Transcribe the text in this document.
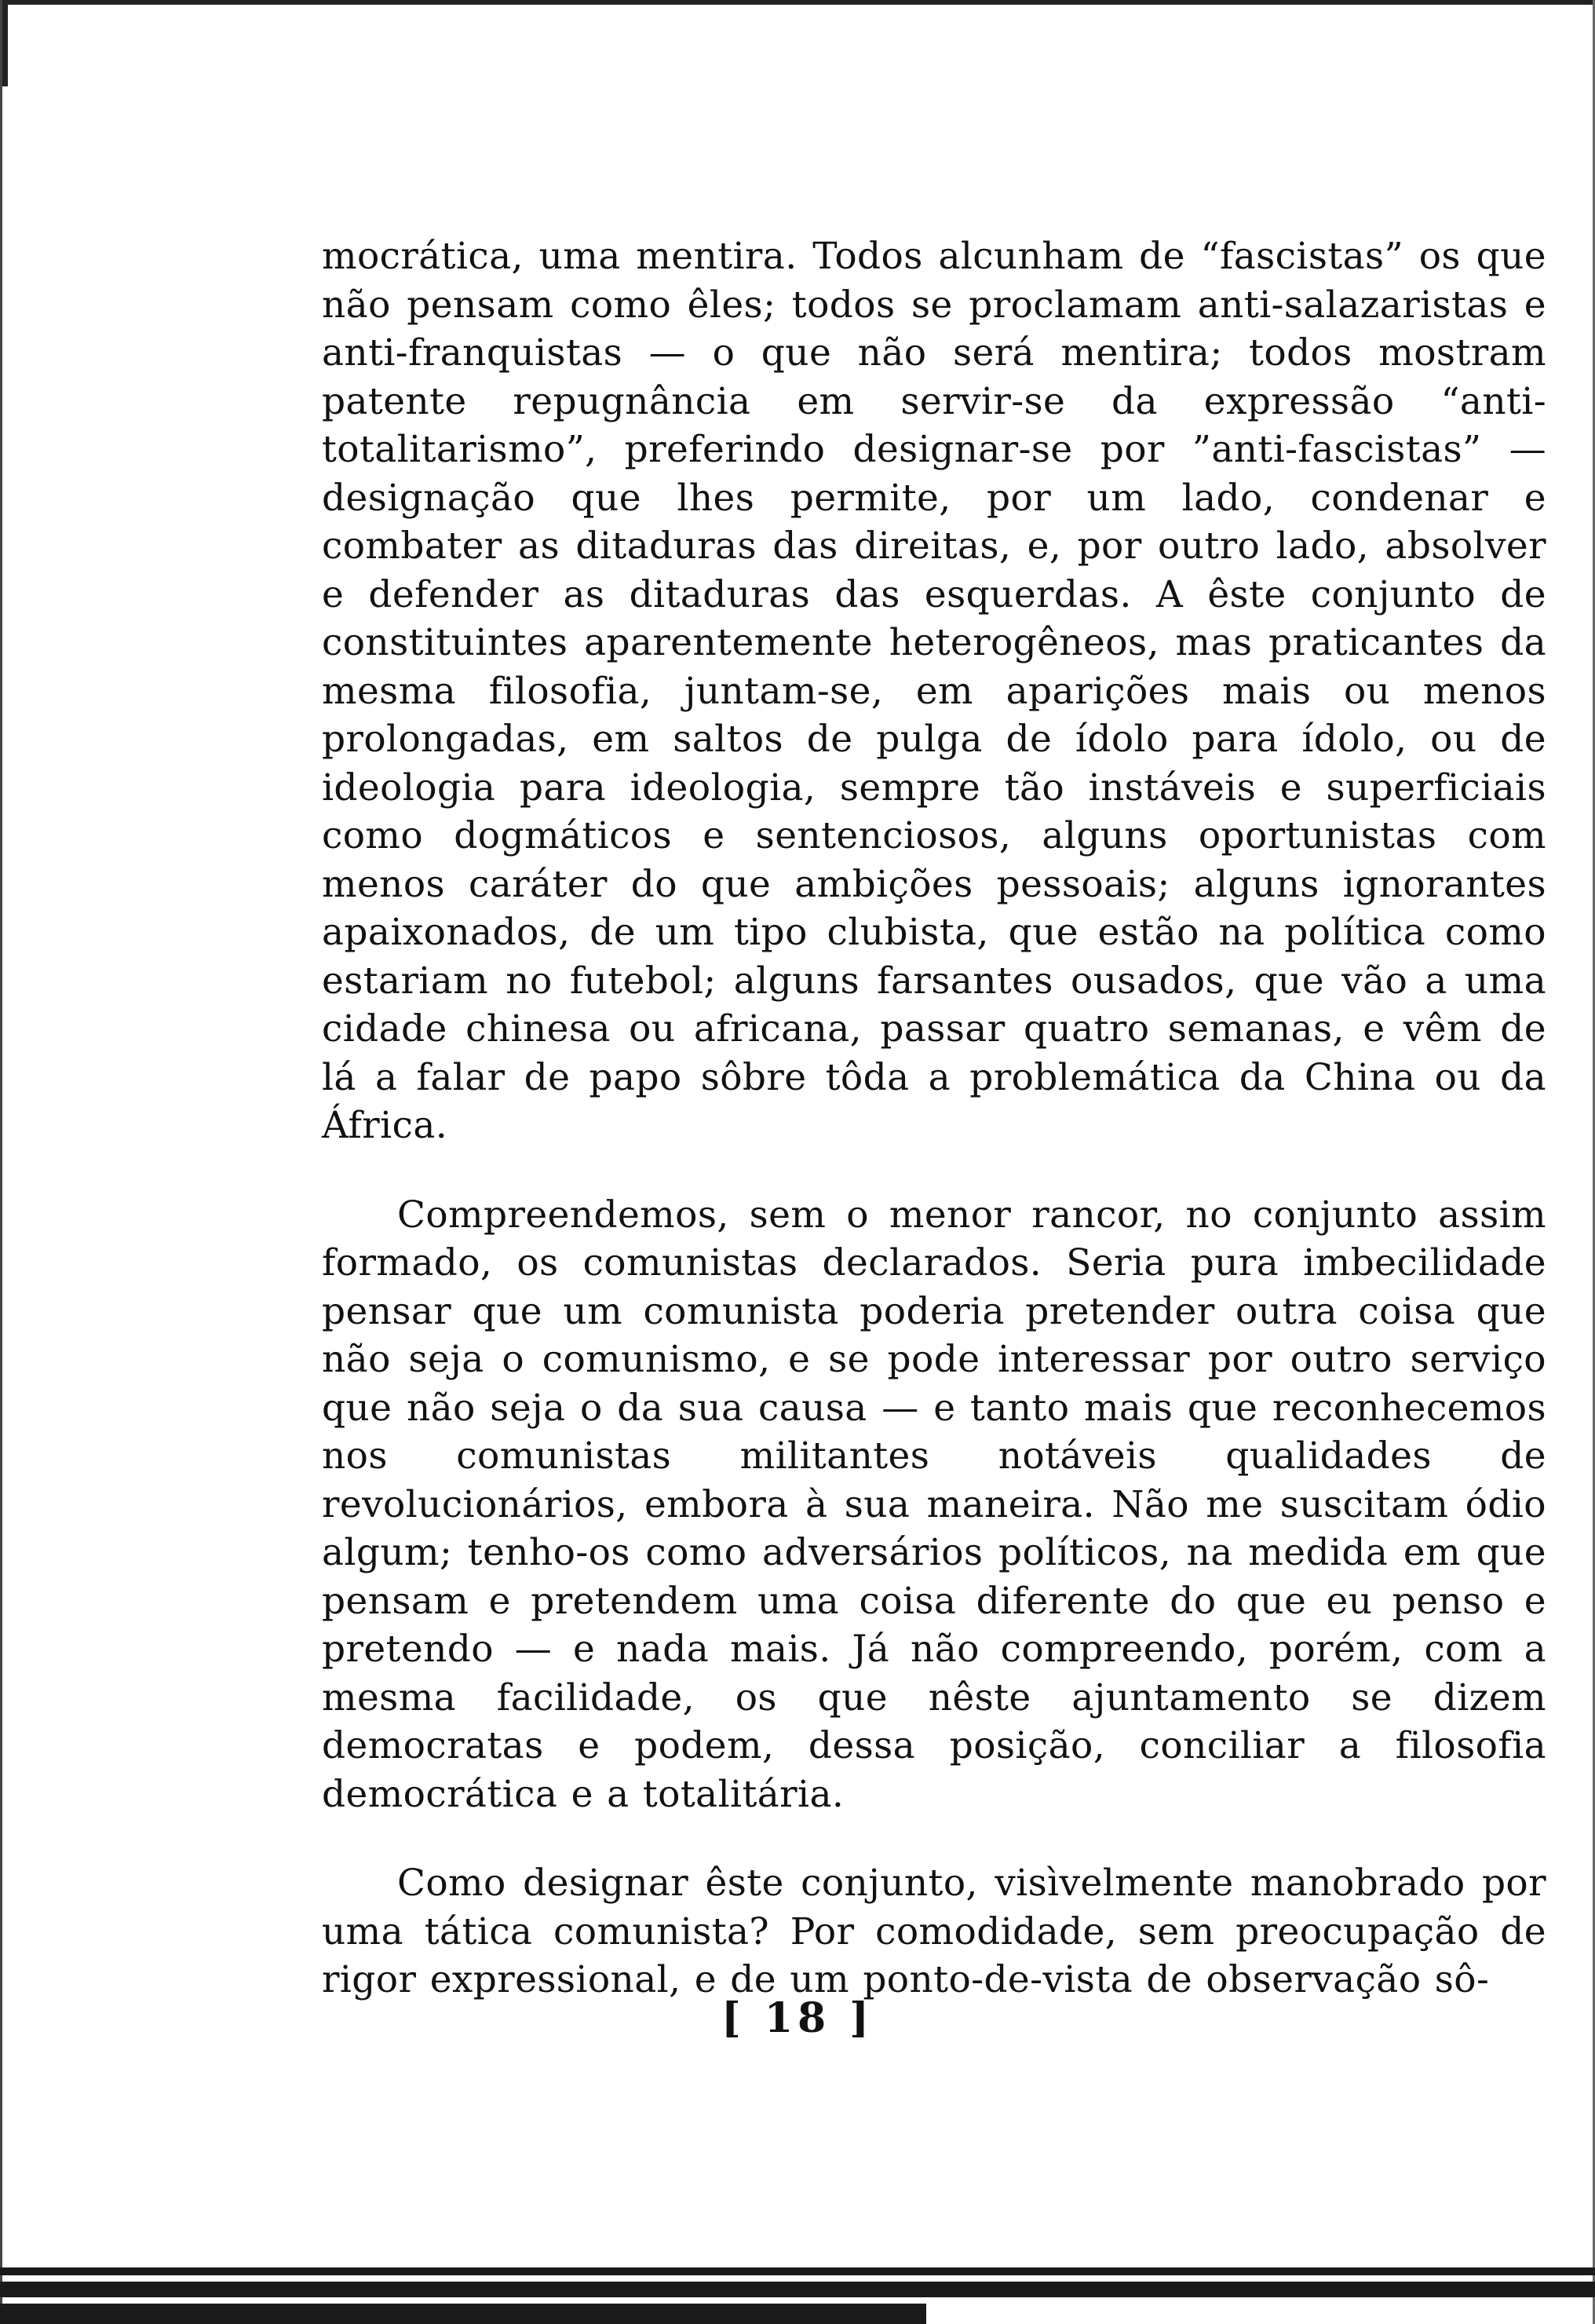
mocrática, uma mentira. Todos alcunham de “fascistas” os que não pensam como êles; todos se proclamam anti-salazaristas e anti-franquistas — o que não será mentira; todos mostram patente repugnância em servir-se da expressão “anti-totalitarismo”, preferindo designar-se por ”anti-fascistas” — designação que lhes permite, por um lado, condenar e combater as ditaduras das direitas, e, por outro lado, absolver e defender as ditaduras das esquerdas. A êste conjunto de constituintes aparentemente heterogêneos, mas praticantes da mesma filosofia, juntam-se, em aparições mais ou menos prolongadas, em saltos de pulga de ídolo para ídolo, ou de ideologia para ideologia, sempre tão instáveis e superficiais como dogmáticos e sentenciosos, alguns oportunistas com menos caráter do que ambições pessoais; alguns ignorantes apaixonados, de um tipo clubista, que estão na política como estariam no futebol; alguns farsantes ousados, que vão a uma cidade chinesa ou africana, passar quatro semanas, e vêm de lá a falar de papo sôbre tôda a problemática da China ou da África.

Compreendemos, sem o menor rancor, no conjunto assim formado, os comunistas declarados. Seria pura imbecilidade pensar que um comunista poderia pretender outra coisa que não seja o comunismo, e se pode interessar por outro serviço que não seja o da sua causa — e tanto mais que reconhecemos nos comunistas militantes notáveis qualidades de revolucionários, embora à sua maneira. Não me suscitam ódio algum; tenho-os como adversários políticos, na medida em que pensam e pretendem uma coisa diferente do que eu penso e pretendo — e nada mais. Já não compreendo, porém, com a mesma facilidade, os que nêste ajuntamento se dizem democratas e podem, dessa posição, conciliar a filosofia democrática e a totalitária.

Como designar êste conjunto, visìvelmente manobrado por uma tática comunista? Por comodidade, sem preocupação de rigor expressional, e de um ponto-de-vista de observação sô-

[ 18 ]
